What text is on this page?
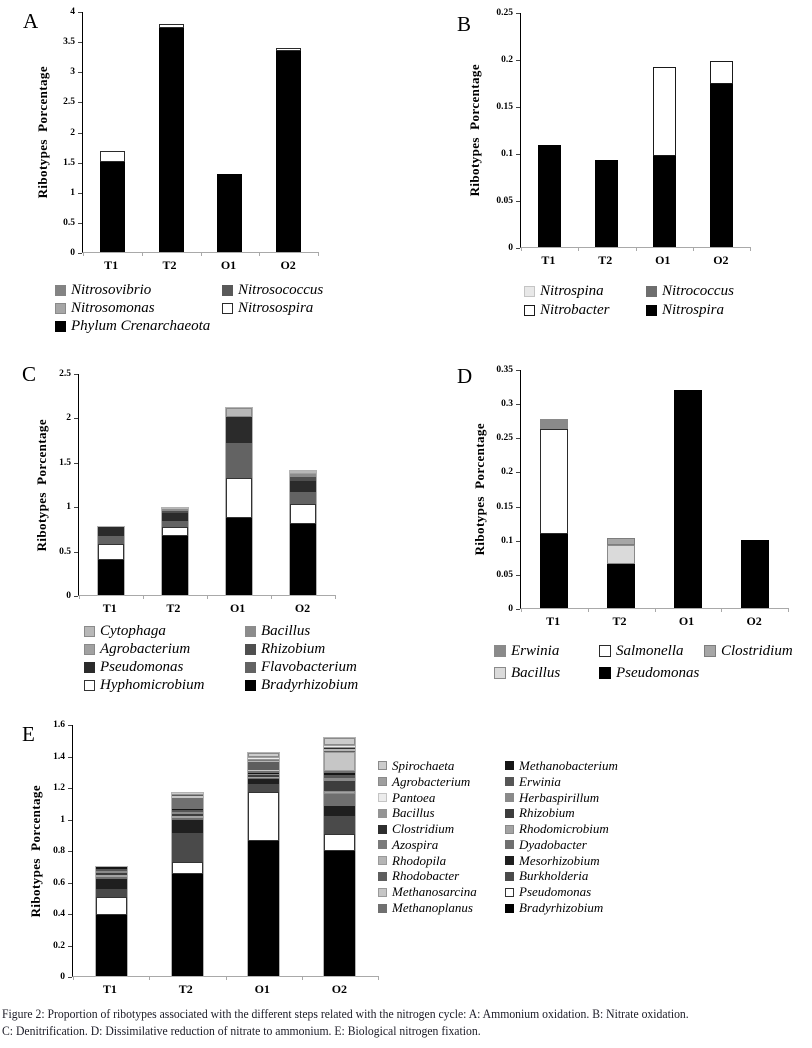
A
Ribotypes  Porcentage
4
3.5
3
2.5
2
1.5
1
0.5
0
T1	T2	O1	O2
Nitrosovibrio	Nitrosococcus
Nitrosomonas	Nitrosospira
Phylum Crenarchaeota
B
Ribotypes  Porcentage
0.25
0.2
0.15
0.1
0.05
0
T1	T2	O1	O2
Nitrospina	Nitrococcus
Nitrobacter	Nitrospira
C
Ribotypes  Porcentage
2.5
2
1.5
1
0.5
0
T1	T2	O1	O2
Cytophaga	Bacillus
Agrobacterium	Rhizobium
Pseudomonas	Flavobacterium
Hyphomicrobium	Bradyrhizobium
D
Ribotypes  Porcentage
0.35
0.3
0.25
0.2
0.15
0.1
0.05
0
T1	T2	O1	O2
Erwinia	Salmonella	Clostridium
Bacillus	Pseudomonas
E
Ribotypes  Porcentage
1.6
1.4
1.2
1
0.8
0.6
0.4
0.2
0
T1	T2	O1	O2
Spirochaeta
Agrobacterium
Pantoea
Bacillus
Clostridium
Azospira
Rhodopila
Rhodobacter
Methanosarcina
Methanoplanus
Methanobacterium
Erwinia
Herbaspirillum
Rhizobium
Rhodomicrobium
Dyadobacter
Mesorhizobium
Burkholderia
Pseudomonas
Bradyrhizobium
Figure 2: Proportion of ribotypes associated with the different steps related with the nitrogen cycle: A: Ammonium oxidation. B: Nitrate oxidation.
C: Denitrification. D: Dissimilative reduction of nitrate to ammonium. E: Biological nitrogen fixation.
